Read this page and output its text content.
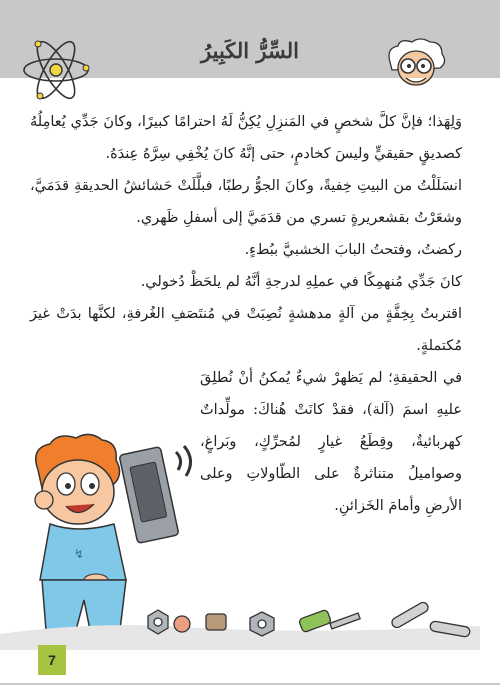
السِّرُّ الكَبِيرُ

وَلِهَذا؛ فإنَّ كلَّ شخصٍ في المَنزِلِ يُكِنُّ لَهُ احترامًا كبيرًا، وكانَ جَدِّي يُعامِلُهُ كصديقٍ حقيقيٍّ وليسَ كخادمٍ، حتى إنَّهُ كانَ يُخْفِي سِرَّهُ عِندَهُ.

انسَلَلْتُ من البيتِ خِفيةً، وكانَ الجوُّ رطبًا، فبلَّلَتْ حَشائشُ الحديقةِ قدَمَيَّ، وشعَرْتُ بقشعريرةٍ تسري من قدَمَيَّ إلى أسفلِ ظَهري.

ركضتُ، وفتحتُ البابَ الخشبيَّ ببُطءٍ.

كانَ جَدِّي مُنهمِكًا في عملِهِ لدرجةِ أنَّهُ لم يلحَظْ دُخولي.

اقتربتُ بِخِفَّةٍ من آلةٍ مدهشةٍ نُصِبَتْ في مُنتَصَفِ الغُرفةِ، لكنَّها بدَتْ غيرَ مُكتملةٍ.

في الحقيقةِ؛ لم يَظهرْ شيءٌ يُمكنُ أنْ نُطلِقَ عليهِ اسمَ (آلة)، فقدْ كانَتْ هُناكَ: مولِّداتٌ كهربائيةٌ، وقِطَعُ غيارٍ لمُحرِّكٍ، وبَراغٍ، وصواميلُ متناثرةٌ على الطّاولاتِ وعلى الأرضِ وأمامَ الخَزائنِ.

↯
7
